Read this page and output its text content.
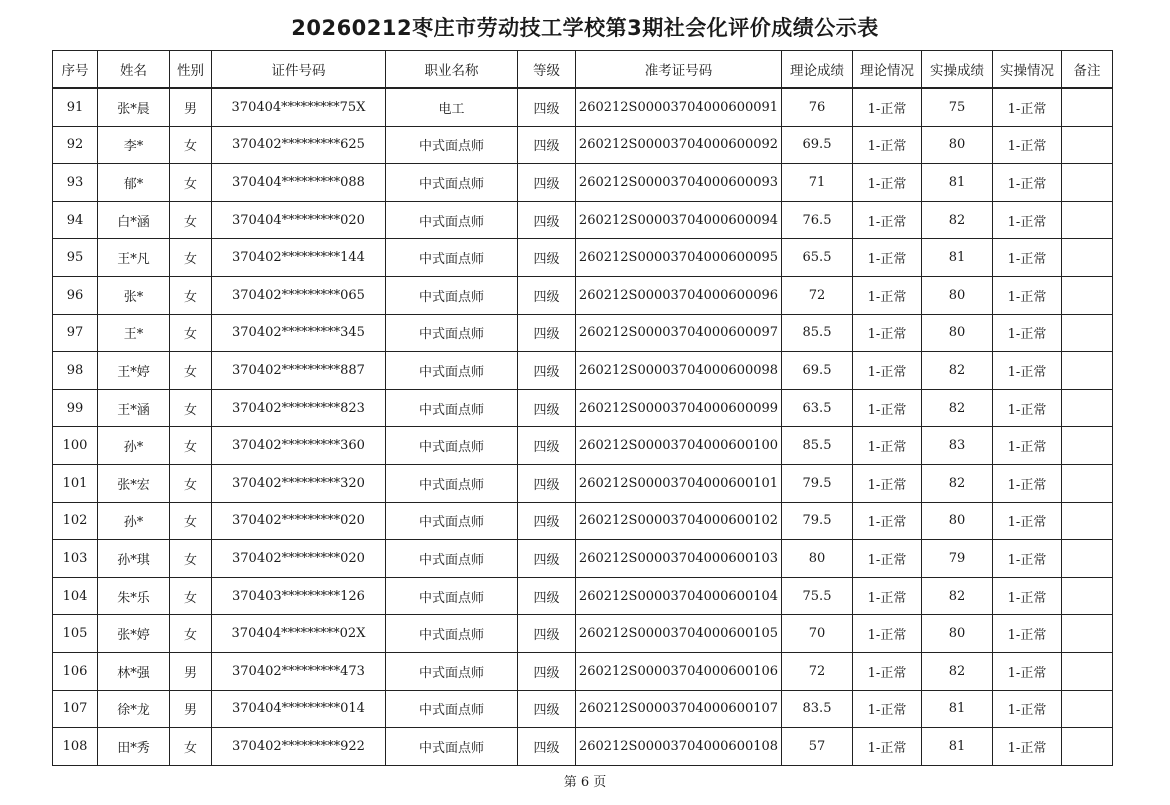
20260212枣庄市劳动技工学校第3期社会化评价成绩公示表
序号	姓名	性别	证件号码	职业名称	等级	准考证号码	理论成绩	理论情况	实操成绩	实操情况	备注
91	张*晨	男	370404*********75X	电工	四级	260212S00003704000600091	76	1-正常	75	1-正常	
92	李*	女	370402*********625	中式面点师	四级	260212S00003704000600092	69.5	1-正常	80	1-正常	
93	郁*	女	370404*********088	中式面点师	四级	260212S00003704000600093	71	1-正常	81	1-正常	
94	白*涵	女	370404*********020	中式面点师	四级	260212S00003704000600094	76.5	1-正常	82	1-正常	
95	王*凡	女	370402*********144	中式面点师	四级	260212S00003704000600095	65.5	1-正常	81	1-正常	
96	张*	女	370402*********065	中式面点师	四级	260212S00003704000600096	72	1-正常	80	1-正常	
97	王*	女	370402*********345	中式面点师	四级	260212S00003704000600097	85.5	1-正常	80	1-正常	
98	王*婷	女	370402*********887	中式面点师	四级	260212S00003704000600098	69.5	1-正常	82	1-正常	
99	王*涵	女	370402*********823	中式面点师	四级	260212S00003704000600099	63.5	1-正常	82	1-正常	
100	孙*	女	370402*********360	中式面点师	四级	260212S00003704000600100	85.5	1-正常	83	1-正常	
101	张*宏	女	370402*********320	中式面点师	四级	260212S00003704000600101	79.5	1-正常	82	1-正常	
102	孙*	女	370402*********020	中式面点师	四级	260212S00003704000600102	79.5	1-正常	80	1-正常	
103	孙*琪	女	370402*********020	中式面点师	四级	260212S00003704000600103	80	1-正常	79	1-正常	
104	朱*乐	女	370403*********126	中式面点师	四级	260212S00003704000600104	75.5	1-正常	82	1-正常	
105	张*婷	女	370404*********02X	中式面点师	四级	260212S00003704000600105	70	1-正常	80	1-正常	
106	林*强	男	370402*********473	中式面点师	四级	260212S00003704000600106	72	1-正常	82	1-正常	
107	徐*龙	男	370404*********014	中式面点师	四级	260212S00003704000600107	83.5	1-正常	81	1-正常	
108	田*秀	女	370402*********922	中式面点师	四级	260212S00003704000600108	57	1-正常	81	1-正常	
第 6 页
